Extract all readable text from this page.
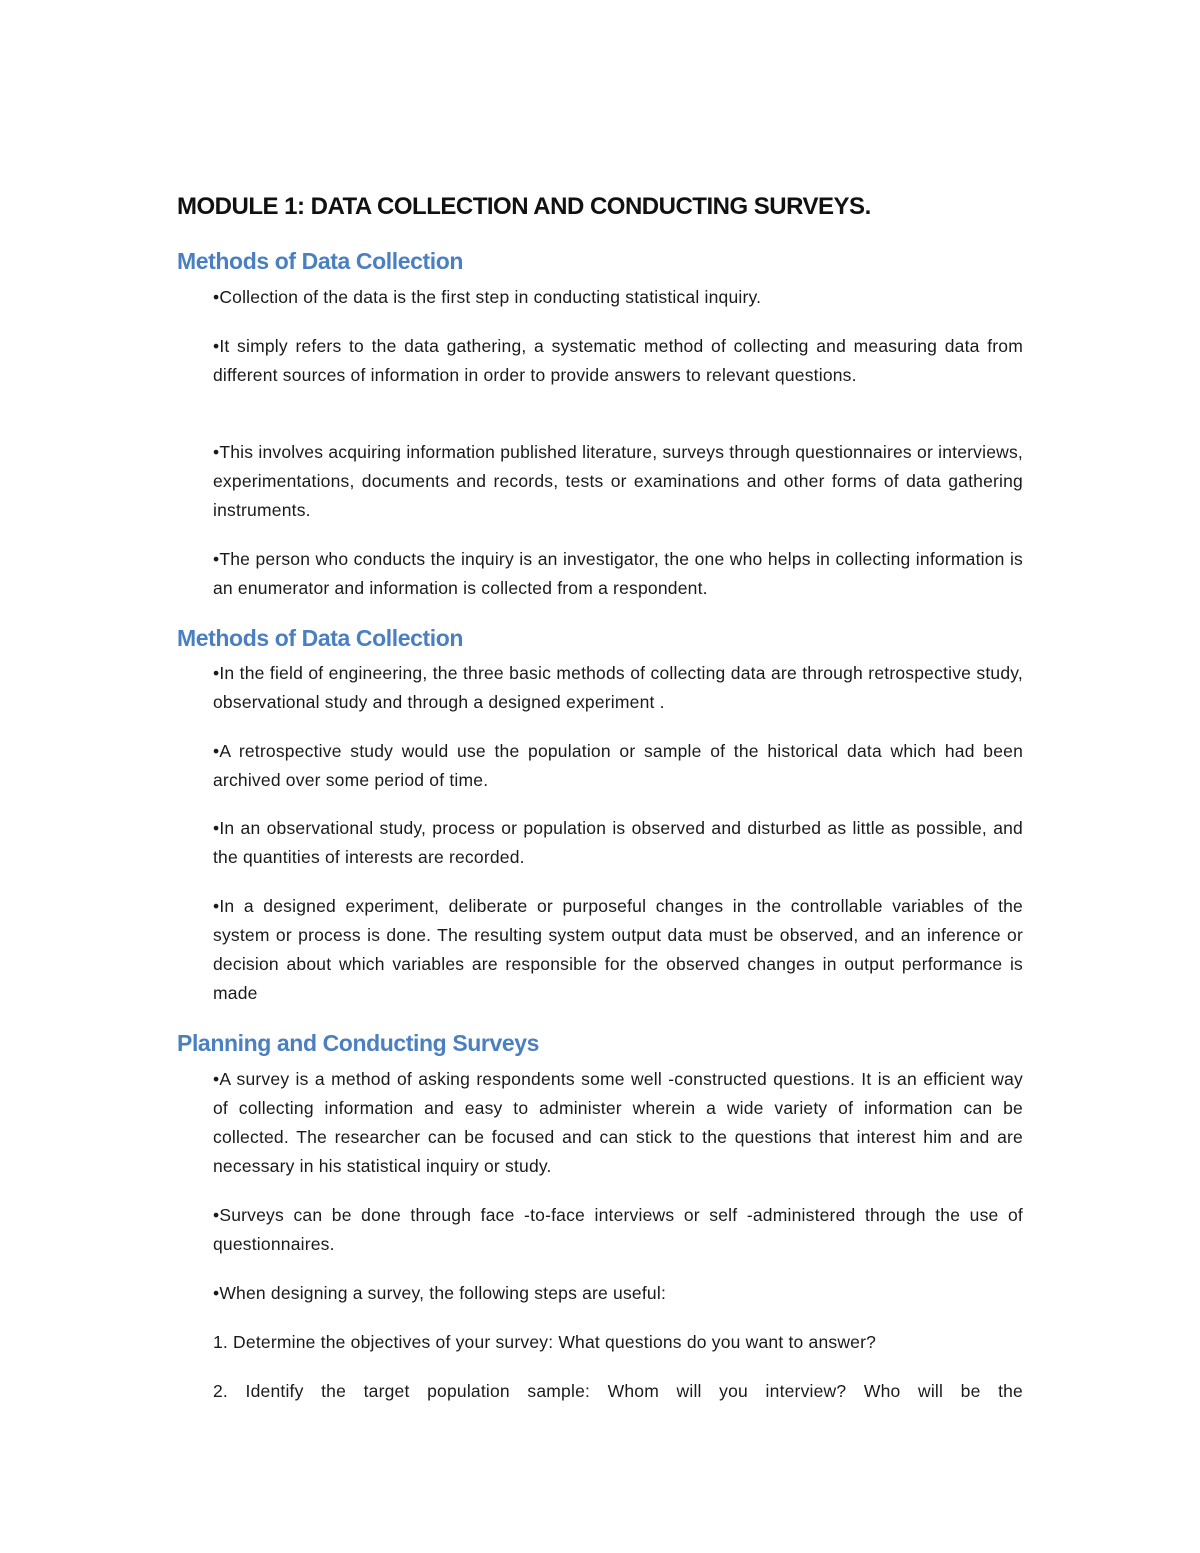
MODULE 1: DATA COLLECTION AND CONDUCTING SURVEYS.
Methods of Data Collection

•Collection of the data is the first step in conducting statistical inquiry.

•It simply refers to the data gathering, a systematic method of collecting and measuring data from different sources of information in order to provide answers to relevant questions.

•This involves acquiring information published literature, surveys through questionnaires or interviews, experimentations, documents and records, tests or examinations and other forms of data gathering instruments.

•The person who conducts the inquiry is an investigator, the one who helps in collecting information is an enumerator and information is collected from a respondent.

Methods of Data Collection

•In the field of engineering, the three basic methods of collecting data are through retrospective study, observational study and through a designed experiment .

•A retrospective study would use the population or sample of the historical data which had been archived over some period of time.

•In an observational study, process or population is observed and disturbed as little as possible, and the quantities of interests are recorded.

•In a designed experiment, deliberate or purposeful changes in the controllable variables of the system or process is done. The resulting system output data must be observed, and an inference or decision about which variables are responsible for the observed changes in output performance is made

Planning and Conducting Surveys

•A survey is a method of asking respondents some well -constructed questions. It is an efficient way of collecting information and easy to administer wherein a wide variety of information can be collected. The researcher can be focused and can stick to the questions that interest him and are necessary in his statistical inquiry or study.

•Surveys can be done through face -to-face interviews or self -administered through the use of questionnaires.

•When designing a survey, the following steps are useful:

1. Determine the objectives of your survey: What questions do you want to answer?

2. Identify the target population sample: Whom will you interview? Who will be the
